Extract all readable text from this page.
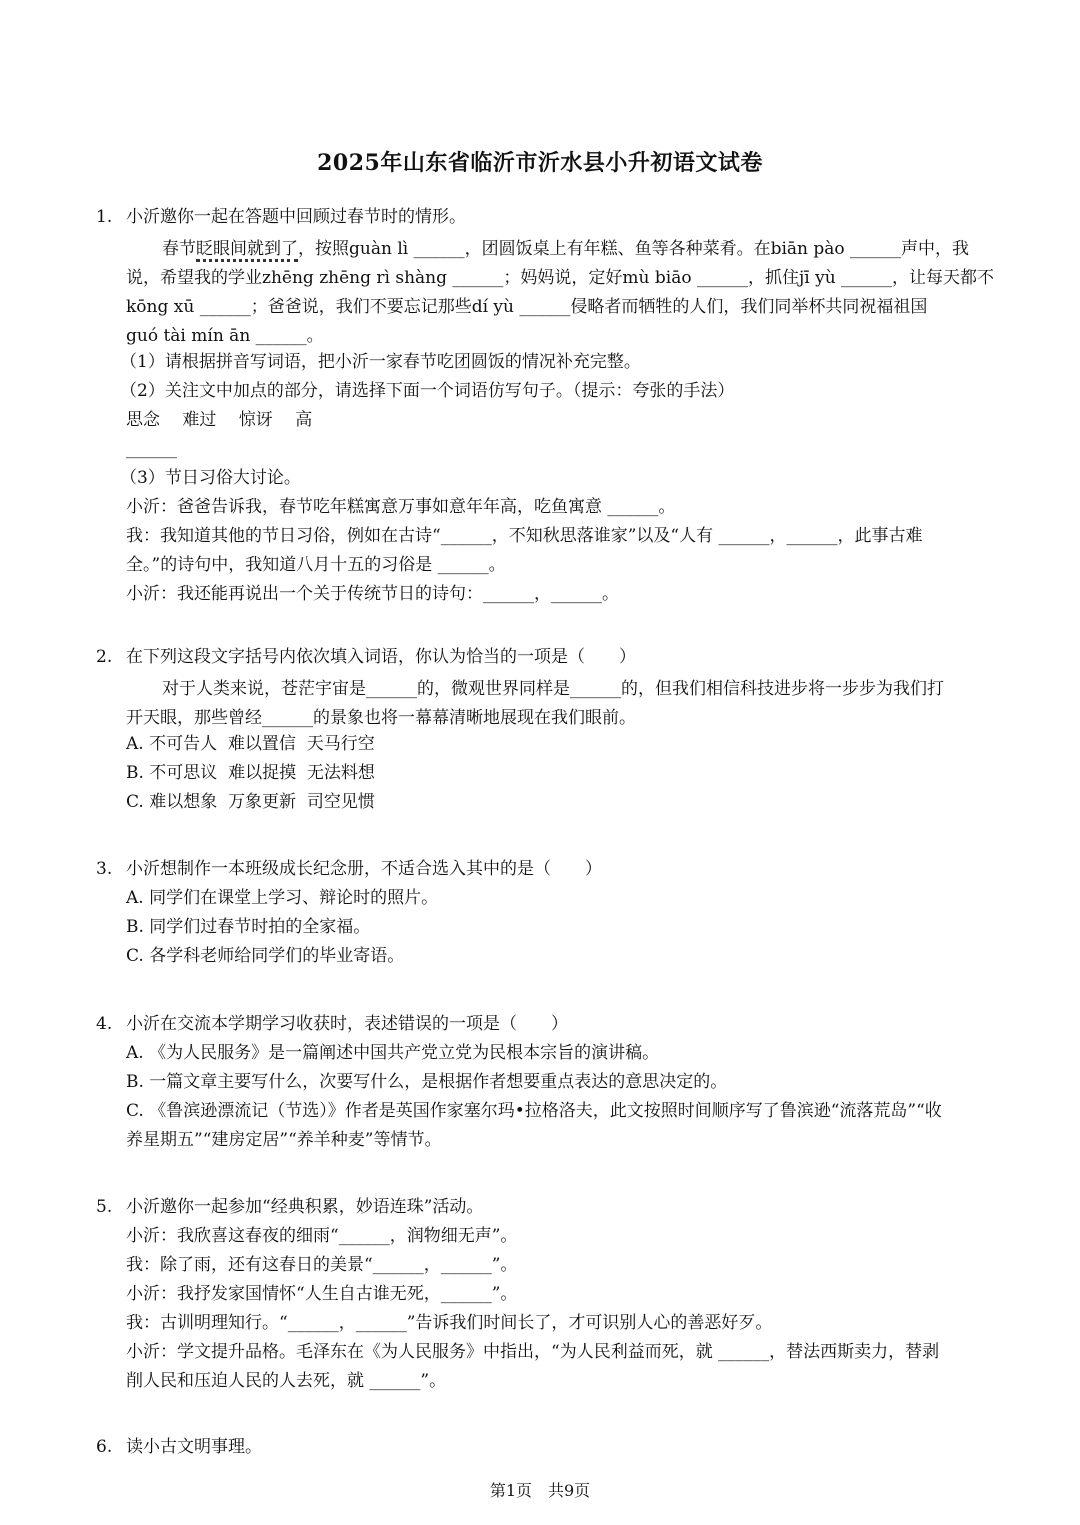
2025年山东省临沂市沂水县小升初语文试卷
1. 小沂邀你一起在答题中回顾过春节时的情形。
春节眨眼间就到了，按照guàn lì ______，团圆饭桌上有年糕、鱼等各种菜肴。在biān pào ______声中，我
说，希望我的学业zhēng zhēng rì shàng ______；妈妈说，定好mù biāo ______，抓住jī yù ______，让每天都不
kōng xū ______；爸爸说，我们不要忘记那些dí yù ______侵略者而牺牲的人们，我们同举杯共同祝福祖国
guó tài mín ān ______。
（1）请根据拼音写词语，把小沂一家春节吃团圆饭的情况补充完整。
（2）关注文中加点的部分，请选择下面一个词语仿写句子。（提示：夸张的手法）
思念　 难过　 惊讶　 高
______
（3）节日习俗大讨论。
小沂：爸爸告诉我，春节吃年糕寓意万事如意年年高，吃鱼寓意 ______。
我：我知道其他的节日习俗，例如在古诗“______，不知秋思落谁家”以及“人有 ______，______，此事古难
全。”的诗句中，我知道八月十五的习俗是 ______。
小沂：我还能再说出一个关于传统节日的诗句：______，______。
2. 在下列这段文字括号内依次填入词语，你认为恰当的一项是（　　）
对于人类来说，苍茫宇宙是______的，微观世界同样是______的，但我们相信科技进步将一步步为我们打
开天眼，那些曾经______的景象也将一幕幕清晰地展现在我们眼前。
A. 不可告人  难以置信  天马行空
B. 不可思议  难以捉摸  无法料想
C. 难以想象  万象更新  司空见惯
3. 小沂想制作一本班级成长纪念册，不适合选入其中的是（　　）
A. 同学们在课堂上学习、辩论时的照片。
B. 同学们过春节时拍的全家福。
C. 各学科老师给同学们的毕业寄语。
4. 小沂在交流本学期学习收获时，表述错误的一项是（　　）
A. 《为人民服务》是一篇阐述中国共产党立党为民根本宗旨的演讲稿。
B. 一篇文章主要写什么，次要写什么，是根据作者想要重点表达的意思决定的。
C. 《鲁滨逊漂流记（节选）》作者是英国作家塞尔玛•拉格洛夫，此文按照时间顺序写了鲁滨逊“流落荒岛”“收
养星期五”“建房定居”“养羊种麦”等情节。
5. 小沂邀你一起参加“经典积累，妙语连珠”活动。
小沂：我欣喜这春夜的细雨“______，润物细无声”。
我：除了雨，还有这春日的美景“______，______”。
小沂：我抒发家国情怀“人生自古谁无死，______”。
我：古训明理知行。“______，______”告诉我们时间长了，才可识别人心的善恶好歹。
小沂：学文提升品格。毛泽东在《为人民服务》中指出，“为人民利益而死，就 ______，替法西斯卖力，替剥
削人民和压迫人民的人去死，就 ______”。
6. 读小古文明事理。
第1页　共9页
